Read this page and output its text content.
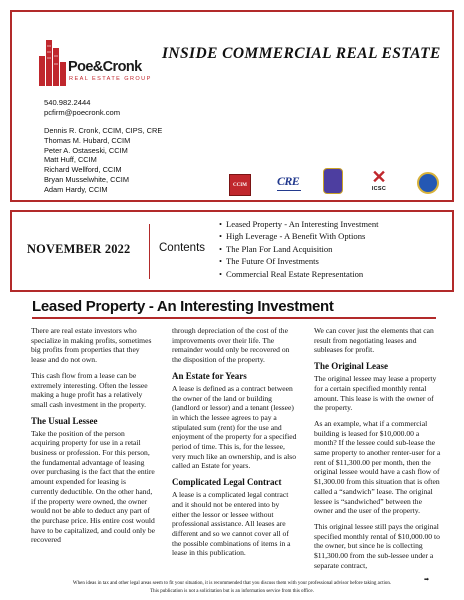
Poe&Cronk
REAL ESTATE GROUP
INSIDE COMMERCIAL REAL ESTATE
540.982.2444
pcfirm@poecronk.com
Dennis R. Cronk, CCIM, CIPS, CRE
Thomas M. Hubard, CCIM
Peter A. Ostaseski, CCIM
Matt Huff, CCIM
Richard Wellford, CCIM
Bryan Musselwhite, CCIM
Adam Hardy, CCIM	CCIM	CRE	✕
ICSC
NOVEMBER 2022 Contents
• Leased Property - An Interesting Investment
• High Leverage - A Benefit With Options
• The Plan For Land Acquisition
• The Future Of Investments
• Commercial Real Estate Representation
Leased Property - An Interesting Investment

There are real estate investors who specialize in making profits, sometimes big profits from properties that they lease and do not own.

This cash flow from a lease can be extremely interesting. Often the lessee making a huge profit has a relatively small cash investment in the property.

The Usual Lessee

Take the position of the person acquiring property for use in a retail business or profession. For this person, the fundamental advantage of leasing over purchasing is the fact that the entire amount expended for leasing is currently deductible. On the other hand, if the property were owned, the owner would not be able to deduct any part of the purchase price. His entire cost would have to be capitalized, and could only be recovered

through depreciation of the cost of the improvements over their life. The remainder would only be recovered on the disposition of the property.

An Estate for Years

A lease is defined as a contract between the owner of the land or building (landlord or lessor) and a tenant (lessee) in which the lessee agrees to pay a stipulated sum (rent) for the use and enjoyment of the property for a specified period of time. This is, for the lessee, very much like an ownership, and is also called an Estate for years.

Complicated Legal Contract

A lease is a complicated legal contract and it should not be entered into by either the lessor or lessee without professional assistance. All leases are different and so we cannot cover all of the possible combinations of items in a lease in this publication.

We can cover just the elements that can result from negotiating leases and subleases for profit.

The Original Lease

The original lessee may lease a property for a certain specified monthly rental amount. This lease is with the owner of the property.

As an example, what if a commercial building is leased for $10,000.00 a month? If the lessee could sub-lease the same property to another renter-user for a rent of $11,300.00 per month, then the original lessee would have a cash flow of $1,300.00 from this situation that is often called a “sandwich” lease. The original lessee is “sandwiched” between the owner and the user of the property.

This original lessee still pays the original specified monthly rental of $10,000.00 to the owner, but since he is collecting $11,300.00 from the sub-lessee under a separate contract,

➡
When ideas in tax and other legal areas seem to fit your situation, it is recommended that you discuss them with your professional advisor before taking action.
This publication is not a solicitation but is an information service from this office.
